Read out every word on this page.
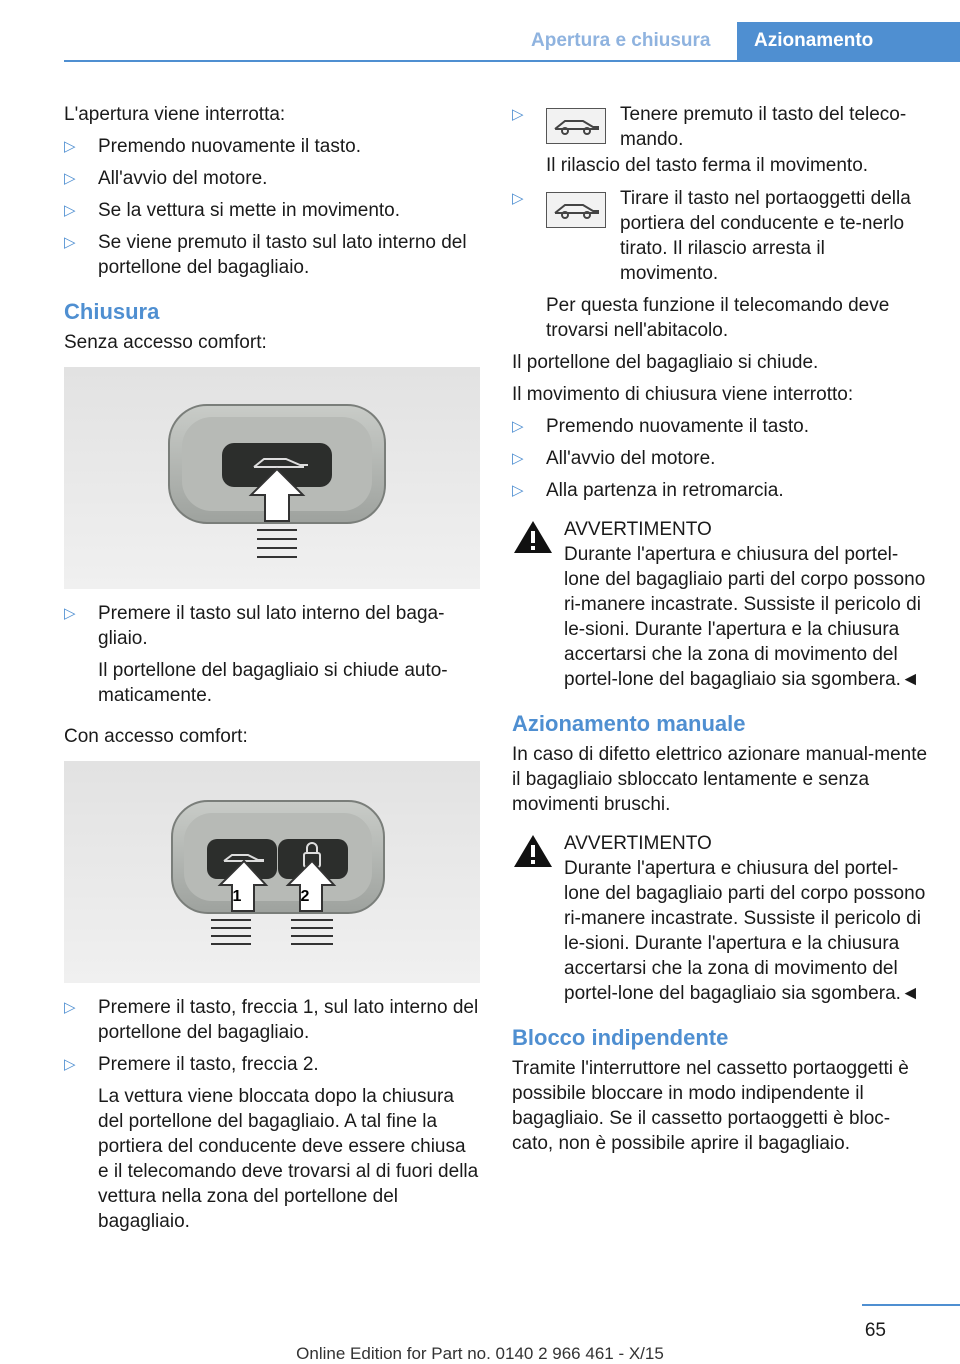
Apertura e chiusura	Azionamento

L'apertura viene interrotta:

▷ Premendo nuovamente il tasto.
▷ All'avvio del motore.
▷ Se la vettura si mette in movimento.
▷ Se viene premuto il tasto sul lato interno del portellone del bagagliaio.
Chiusura

Senza accesso comfort:

▷ Premere il tasto sul lato interno del baga-gliaio.
Il portellone del bagagliaio si chiude auto-maticamente.

Con accesso comfort:

1	2
▷ Premere il tasto, freccia 1, sul lato interno del portellone del bagagliaio.
▷ Premere il tasto, freccia 2.
La vettura viene bloccata dopo la chiusura del portellone del bagagliaio. A tal fine la portiera del conducente deve essere chiusa e il telecomando deve trovarsi al di fuori della vettura nella zona del portellone del bagagliaio.
▷	Tenere premuto il tasto del teleco-mando.

Il rilascio del tasto ferma il movimento.

▷	Tirare il tasto nel portaoggetti della portiera del conducente e te-nerlo tirato. Il rilascio arresta il movimento.

Per questa funzione il telecomando deve trovarsi nell'abitacolo.

Il portellone del bagagliaio si chiude.

Il movimento di chiusura viene interrotto:

▷ Premendo nuovamente il tasto.
▷ All'avvio del motore.
▷ Alla partenza in retromarcia.
AVVERTIMENTO
Durante l'apertura e chiusura del portel-lone del bagagliaio parti del corpo possono ri-manere incastrate. Sussiste il pericolo di le-sioni. Durante l'apertura e la chiusura accertarsi che la zona di movimento del portel-lone del bagagliaio sia sgombera.◄
Azionamento manuale

In caso di difetto elettrico azionare manual-mente il bagagliaio sbloccato lentamente e senza movimenti bruschi.

AVVERTIMENTO
Durante l'apertura e chiusura del portel-lone del bagagliaio parti del corpo possono ri-manere incastrate. Sussiste il pericolo di le-sioni. Durante l'apertura e la chiusura accertarsi che la zona di movimento del portel-lone del bagagliaio sia sgombera.◄
Blocco indipendente

Tramite l'interruttore nel cassetto portaoggetti è possibile bloccare in modo indipendente il bagagliaio. Se il cassetto portaoggetti è bloc-cato, non è possibile aprire il bagagliaio.

65
Online Edition for Part no. 0140 2 966 461 - X/15
